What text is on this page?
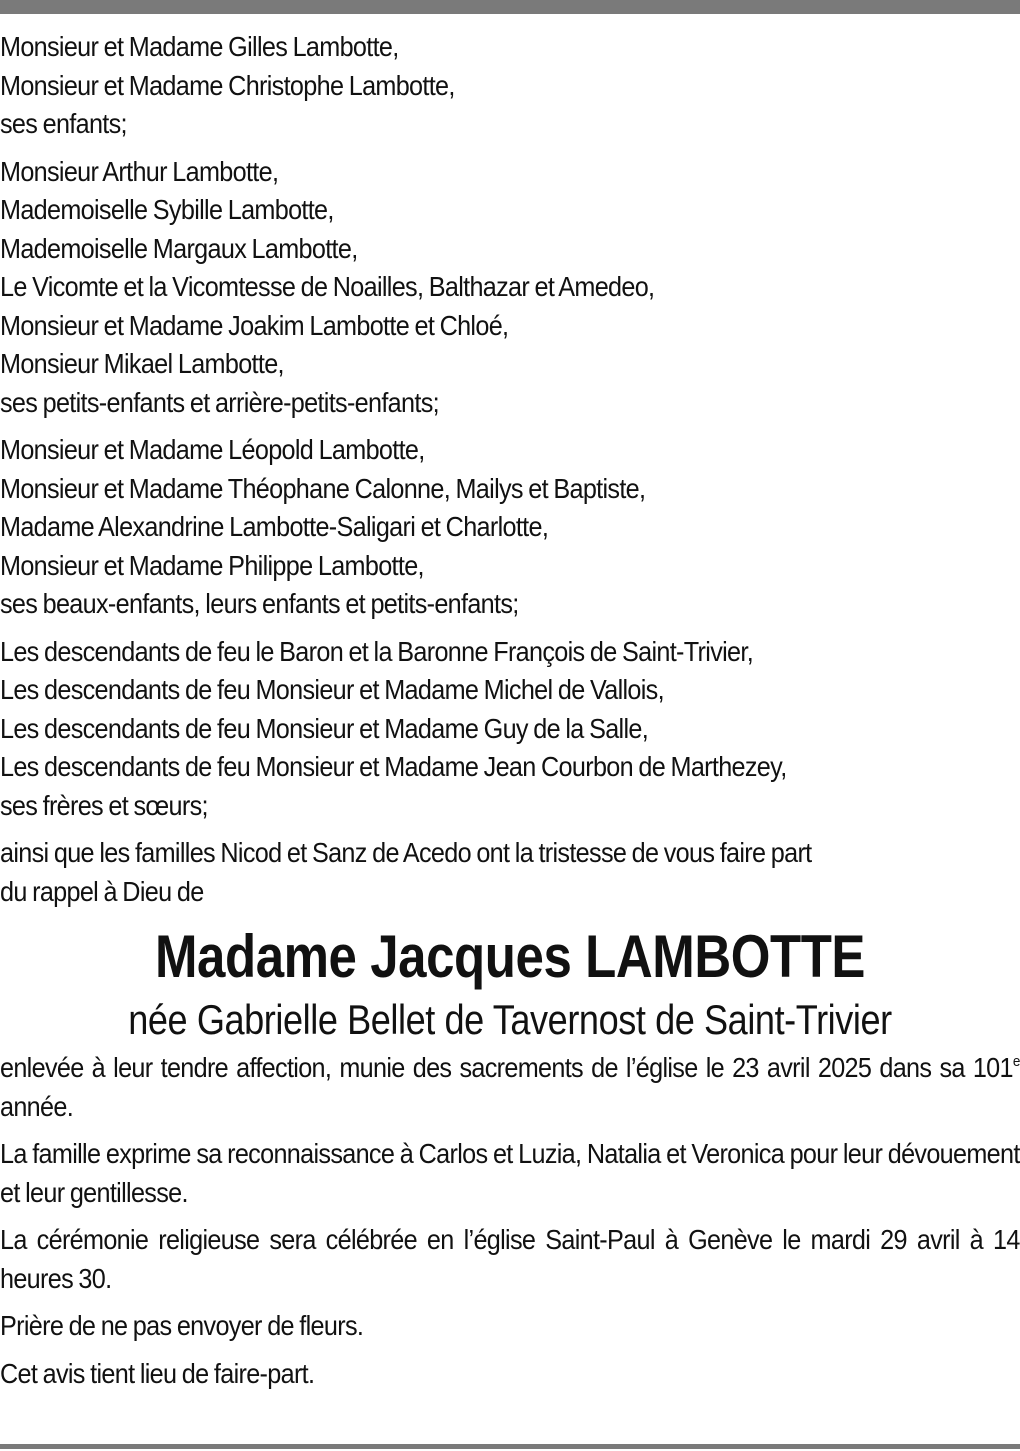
Monsieur et Madame Gilles Lambotte,
Monsieur et Madame Christophe Lambotte,
ses enfants;
Monsieur Arthur Lambotte,
Mademoiselle Sybille Lambotte,
Mademoiselle Margaux Lambotte,
Le Vicomte et la Vicomtesse de Noailles, Balthazar et Amedeo,
Monsieur et Madame Joakim Lambotte et Chloé,
Monsieur Mikael Lambotte,
ses petits-enfants et arrière-petits-enfants;
Monsieur et Madame Léopold Lambotte,
Monsieur et Madame Théophane Calonne, Mailys et Baptiste,
Madame Alexandrine Lambotte-Saligari et Charlotte,
Monsieur et Madame Philippe Lambotte,
ses beaux-enfants, leurs enfants et petits-enfants;
Les descendants de feu le Baron et la Baronne François de Saint-Trivier,
Les descendants de feu Monsieur et Madame Michel de Vallois,
Les descendants de feu Monsieur et Madame Guy de la Salle,
Les descendants de feu Monsieur et Madame Jean Courbon de Marthezey,
ses frères et sœurs;
ainsi que les familles Nicod et Sanz de Acedo ont la tristesse de vous faire part
du rappel à Dieu de
Madame Jacques LAMBOTTE
née Gabrielle Bellet de Tavernost de Saint-Trivier
enlevée à leur tendre affection, munie des sacrements de l’église le 23 avril 2025 dans sa 101e année.
La famille exprime sa reconnaissance à Carlos et Luzia, Natalia et Veronica pour leur dévouement et leur gentillesse.
La cérémonie religieuse sera célébrée en l’église Saint-Paul à Genève le mardi 29 avril à 14 heures 30.
Prière de ne pas envoyer de fleurs.
Cet avis tient lieu de faire-part.
